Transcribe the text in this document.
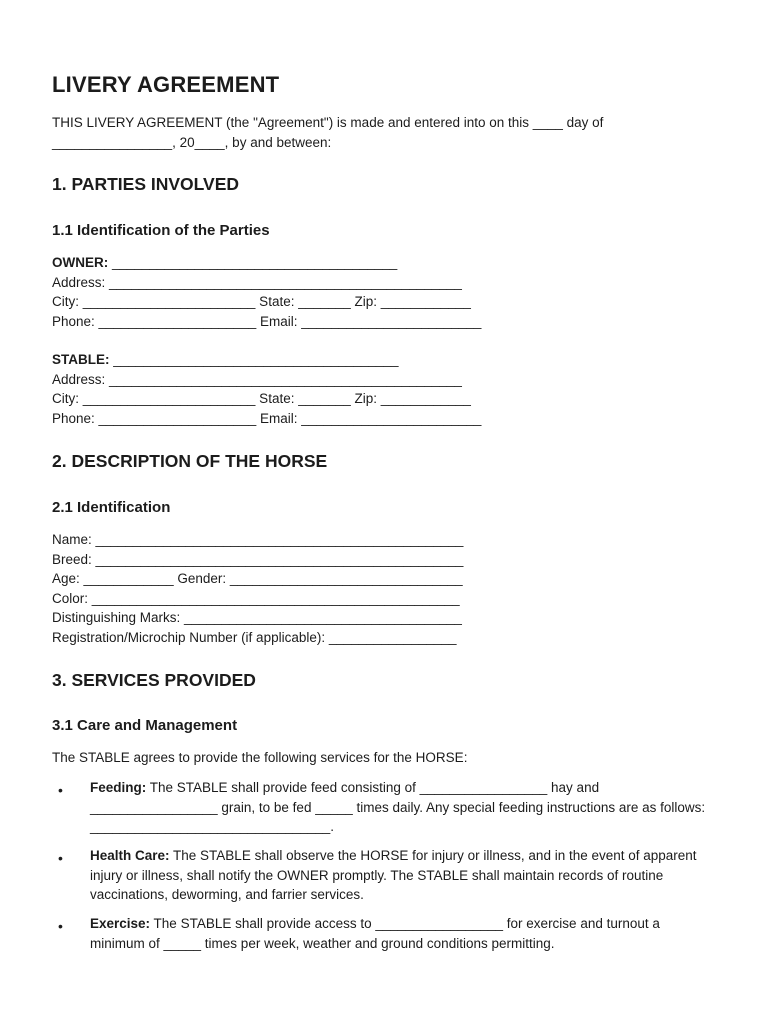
LIVERY AGREEMENT
THIS LIVERY AGREEMENT (the "Agreement") is made and entered into on this ____ day of ________________, 20____, by and between:
1. PARTIES INVOLVED
1.1 Identification of the Parties
OWNER: ______________________________________
Address: _______________________________________________
City: _______________________ State: _______ Zip: ____________
Phone: _____________________ Email: ________________________
STABLE: ______________________________________
Address: _______________________________________________
City: _______________________ State: _______ Zip: ____________
Phone: _____________________ Email: ________________________
2. DESCRIPTION OF THE HORSE
2.1 Identification
Name: _________________________________________________
Breed: _________________________________________________
Age: ____________ Gender: _______________________________
Color: _________________________________________________
Distinguishing Marks: _____________________________________
Registration/Microchip Number (if applicable): _________________
3. SERVICES PROVIDED
3.1 Care and Management
The STABLE agrees to provide the following services for the HORSE:
• Feeding: The STABLE shall provide feed consisting of _________________ hay and _________________ grain, to be fed _____ times daily. Any special feeding instructions are as follows: ________________________________.
• Health Care: The STABLE shall observe the HORSE for injury or illness, and in the event of apparent injury or illness, shall notify the OWNER promptly. The STABLE shall maintain records of routine vaccinations, deworming, and farrier services.
• Exercise: The STABLE shall provide access to _________________ for exercise and turnout a minimum of _____ times per week, weather and ground conditions permitting.
